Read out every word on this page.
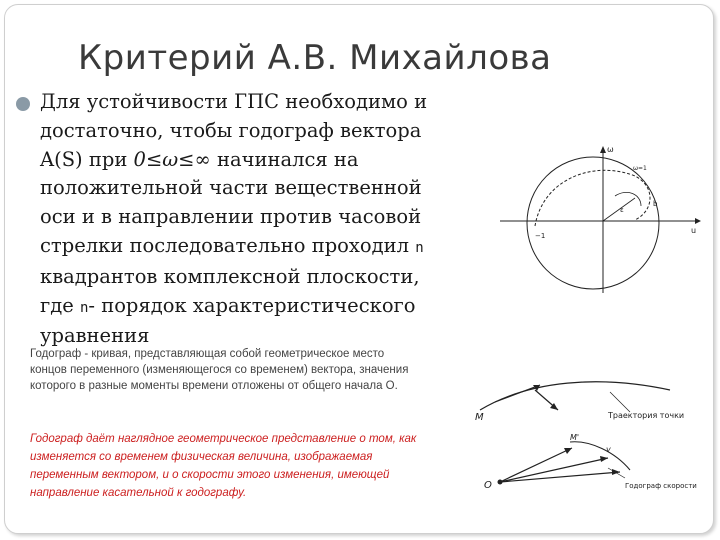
Критерий А.В. Михайлова
Для устойчивости ГПС необходимо и
достаточно, чтобы годограф вектора
A(S) при 0≤ω≤∞ начинался на
положительной части вещественной
оси и в направлении против часовой
стрелки последовательно проходил n
квадрантов комплексной плоскости,
где n- порядок характеристического
уравнения
Годограф - кривая, представляющая собой геометрическое место концов переменного (изменяющегося со временем) вектора, значения которого в разные моменты времени отложены от общего начала O.
Годограф даёт наглядное геометрическое представление о том, как изменяется со временем физическая величина, изображаемая переменным вектором, и о скорости этого изменения, имеющей направление касательной к годографу.
ω
u
ω=1
b
ε
−1
M	Траектория точки
O
M'
v
Годограф скорости
